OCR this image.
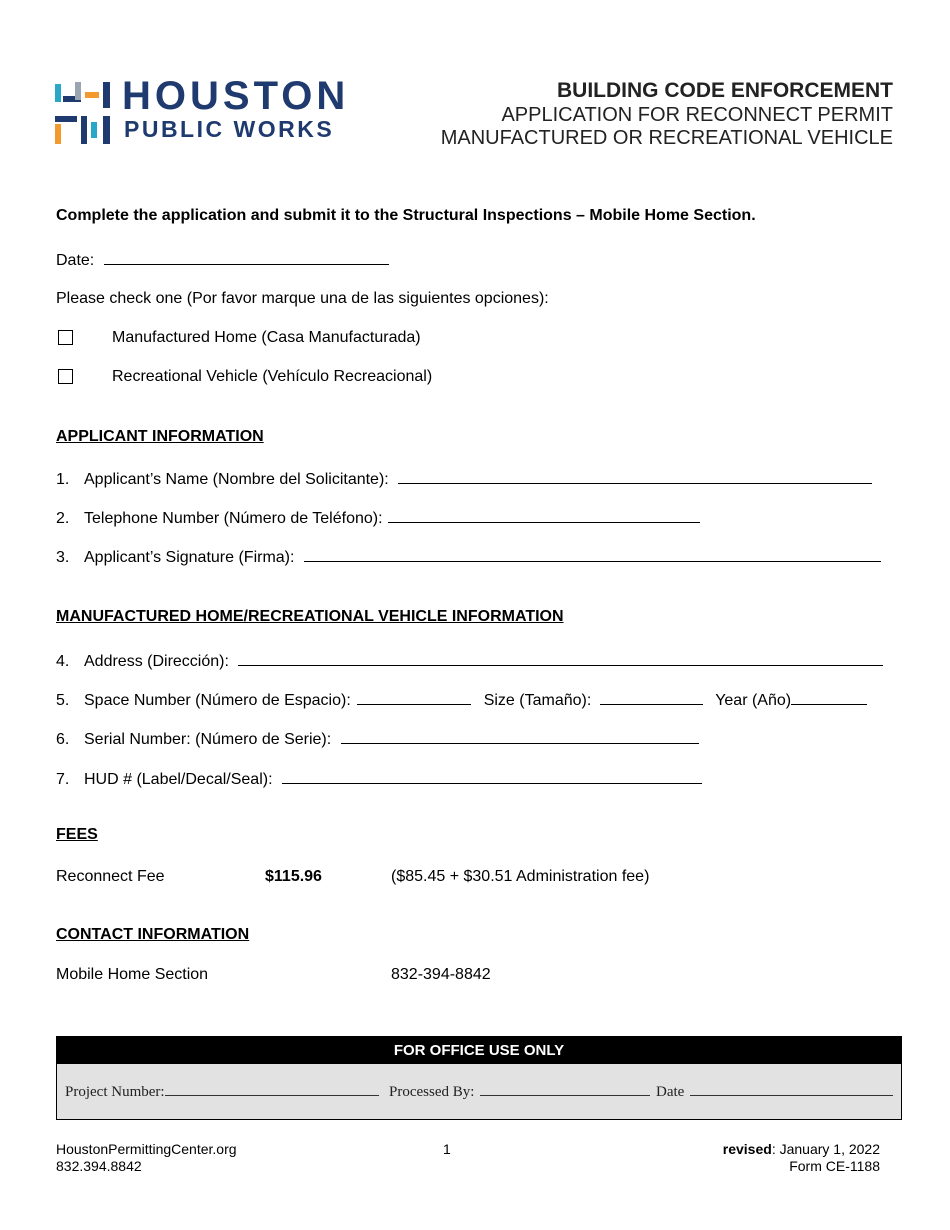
HOUSTON
PUBLIC WORKS
BUILDING CODE ENFORCEMENT
APPLICATION FOR RECONNECT PERMIT
MANUFACTURED OR RECREATIONAL VEHICLE
Complete the application and submit it to the Structural Inspections – Mobile Home Section.
Date:
Please check one (Por favor marque una de las siguientes opciones):
Manufactured Home (Casa Manufacturada)
Recreational Vehicle (Vehículo Recreacional)
APPLICANT INFORMATION
1. Applicant’s Name (Nombre del Solicitante):
2. Telephone Number (Número de Teléfono):
3. Applicant’s Signature (Firma):
MANUFACTURED HOME/RECREATIONAL VEHICLE INFORMATION
4. Address (Dirección):
5. Space Number (Número de Espacio):	Size (Tamaño):	Year (Año)
6. Serial Number: (Número de Serie):
7. HUD # (Label/Decal/Seal):
FEES
Reconnect Fee	$115.96	($85.45 + $30.51 Administration fee)
CONTACT INFORMATION
Mobile Home Section	832-394-8842
FOR OFFICE USE ONLY
Project Number:	Processed By:	Date
HoustonPermittingCenter.org
832.394.8842
1	revised: January 1, 2022
Form CE-1188
